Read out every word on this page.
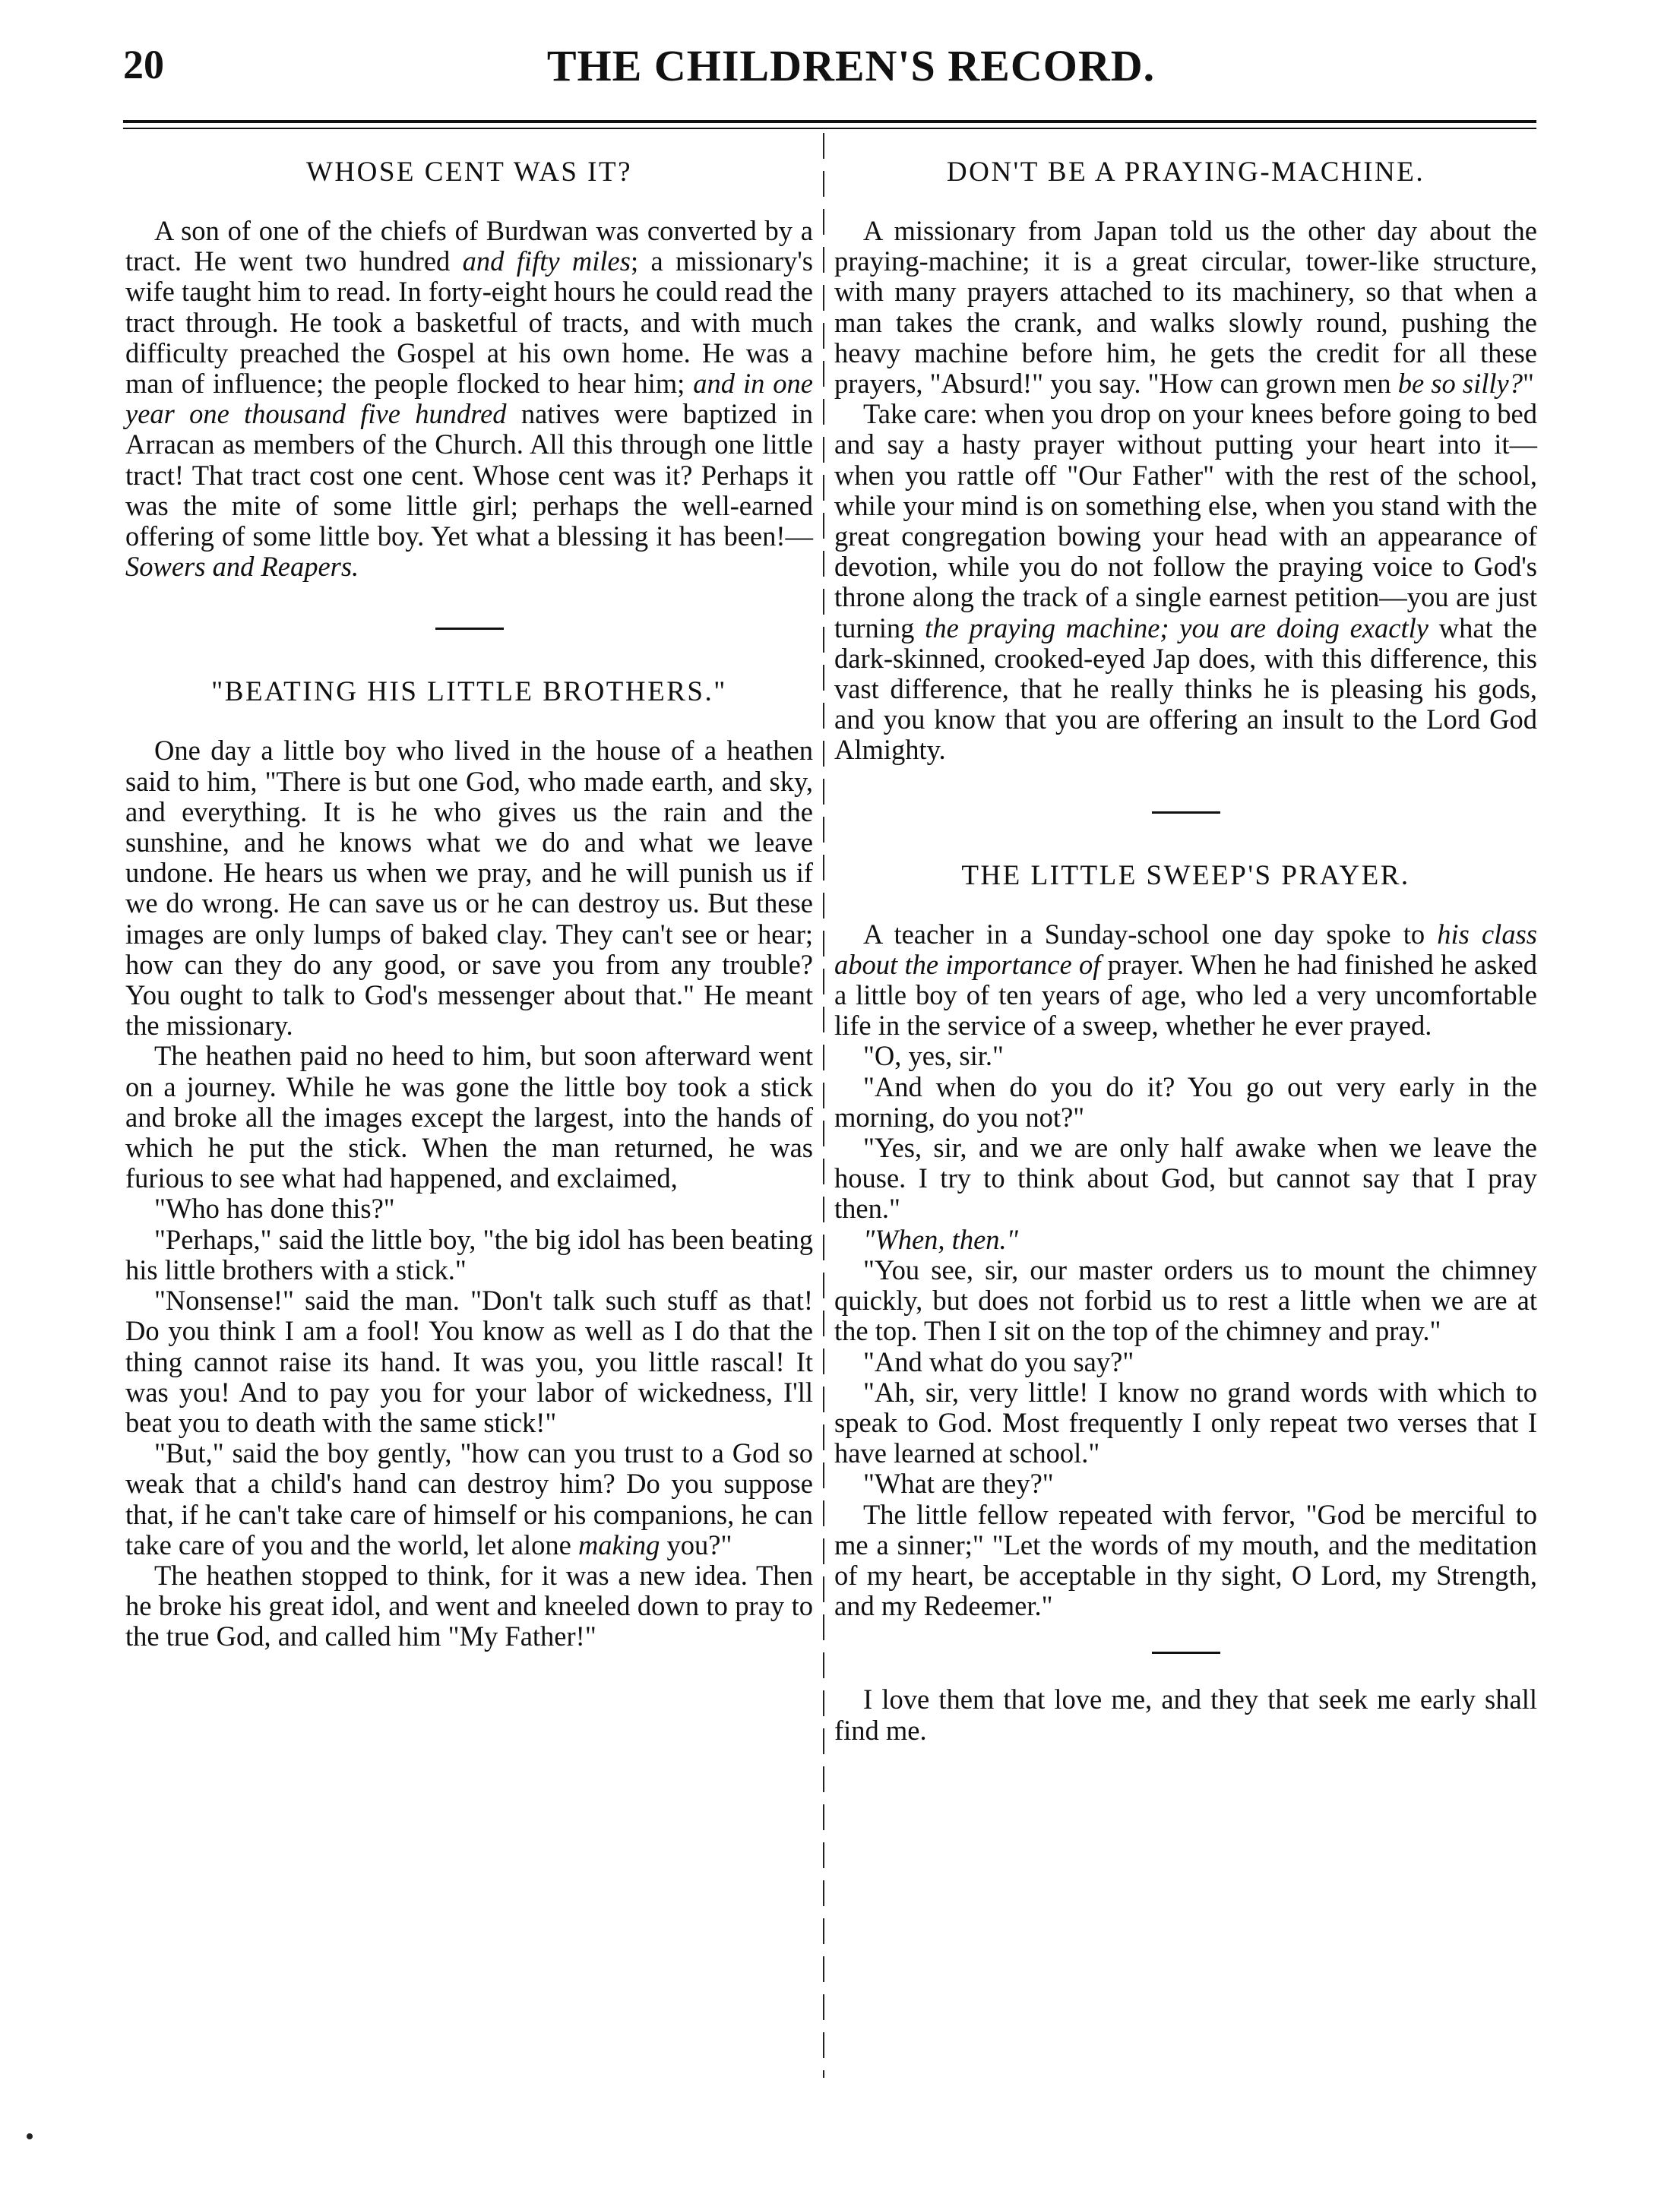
20	THE CHILDREN'S RECORD.
WHOSE CENT WAS IT?

A son of one of the chiefs of Burdwan was converted by a tract. He went two hundred and fifty miles; a missionary's wife taught him to read. In forty-eight hours he could read the tract through. He took a basketful of tracts, and with much difficulty preached the Gospel at his own home. He was a man of influence; the people flocked to hear him; and in one year one thousand five hundred natives were baptized in Arracan as members of the Church. All this through one little tract! That tract cost one cent. Whose cent was it? Perhaps it was the mite of some little girl; perhaps the well-earned offering of some little boy. Yet what a blessing it has been!—Sowers and Reapers.

"BEATING HIS LITTLE BROTHERS."

One day a little boy who lived in the house of a heathen said to him, "There is but one God, who made earth, and sky, and everything. It is he who gives us the rain and the sunshine, and he knows what we do and what we leave undone. He hears us when we pray, and he will punish us if we do wrong. He can save us or he can destroy us. But these images are only lumps of baked clay. They can't see or hear; how can they do any good, or save you from any trouble? You ought to talk to God's messenger about that." He meant the missionary.

The heathen paid no heed to him, but soon afterward went on a journey. While he was gone the little boy took a stick and broke all the images except the largest, into the hands of which he put the stick. When the man returned, he was furious to see what had happened, and exclaimed,

"Who has done this?"

"Perhaps," said the little boy, "the big idol has been beating his little brothers with a stick."

"Nonsense!" said the man. "Don't talk such stuff as that! Do you think I am a fool! You know as well as I do that the thing cannot raise its hand. It was you, you little rascal! It was you! And to pay you for your labor of wickedness, I'll beat you to death with the same stick!"

"But," said the boy gently, "how can you trust to a God so weak that a child's hand can destroy him? Do you suppose that, if he can't take care of himself or his companions, he can take care of you and the world, let alone making you?"

The heathen stopped to think, for it was a new idea. Then he broke his great idol, and went and kneeled down to pray to the true God, and called him "My Father!"

DON'T BE A PRAYING-MACHINE.

A missionary from Japan told us the other day about the praying-machine; it is a great circular, tower-like structure, with many prayers attached to its machinery, so that when a man takes the crank, and walks slowly round, pushing the heavy machine before him, he gets the credit for all these prayers, "Absurd!" you say. "How can grown men be so silly?"

Take care: when you drop on your knees before going to bed and say a hasty prayer without putting your heart into it—when you rattle off "Our Father" with the rest of the school, while your mind is on something else, when you stand with the great congregation bowing your head with an appearance of devotion, while you do not follow the praying voice to God's throne along the track of a single earnest petition—you are just turning the praying machine; you are doing exactly what the dark-skinned, crooked-eyed Jap does, with this difference, this vast difference, that he really thinks he is pleasing his gods, and you know that you are offering an insult to the Lord God Almighty.

THE LITTLE SWEEP'S PRAYER.

A teacher in a Sunday-school one day spoke to his class about the importance of prayer. When he had finished he asked a little boy of ten years of age, who led a very uncomfortable life in the service of a sweep, whether he ever prayed.

"O, yes, sir."

"And when do you do it? You go out very early in the morning, do you not?"

"Yes, sir, and we are only half awake when we leave the house. I try to think about God, but cannot say that I pray then."

"When, then."

"You see, sir, our master orders us to mount the chimney quickly, but does not forbid us to rest a little when we are at the top. Then I sit on the top of the chimney and pray."

"And what do you say?"

"Ah, sir, very little! I know no grand words with which to speak to God. Most frequently I only repeat two verses that I have learned at school."

"What are they?"

The little fellow repeated with fervor, "God be merciful to me a sinner;" "Let the words of my mouth, and the meditation of my heart, be acceptable in thy sight, O Lord, my Strength, and my Redeemer."

I love them that love me, and they that seek me early shall find me.
